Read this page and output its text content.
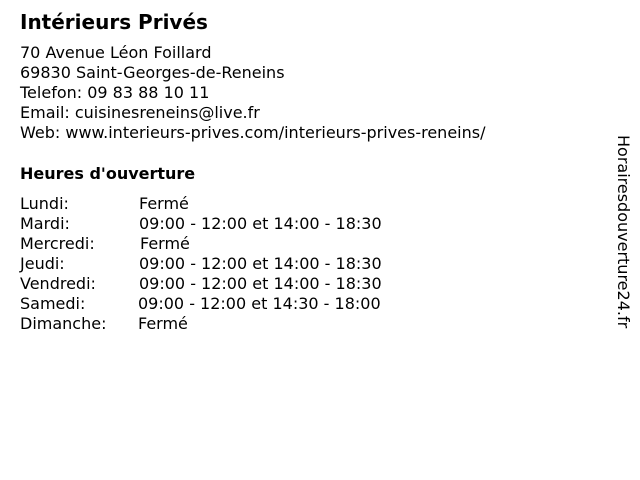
Intérieurs Privés
70 Avenue Léon Foillard
69830 Saint-Georges-de-Reneins
Telefon: 09 83 88 10 11
Email: cuisinesreneins@live.fr
Web: www.interieurs-prives.com/interieurs-prives-reneins/
Heures d'ouverture
Lundi:	Fermé
Mardi:	09:00 - 12:00 et 14:00 - 18:30
Mercredi:	Fermé
Jeudi:	09:00 - 12:00 et 14:00 - 18:30
Vendredi:	09:00 - 12:00 et 14:00 - 18:30
Samedi:	09:00 - 12:00 et 14:30 - 18:00
Dimanche: Fermé	Horairesdouverture24.fr
